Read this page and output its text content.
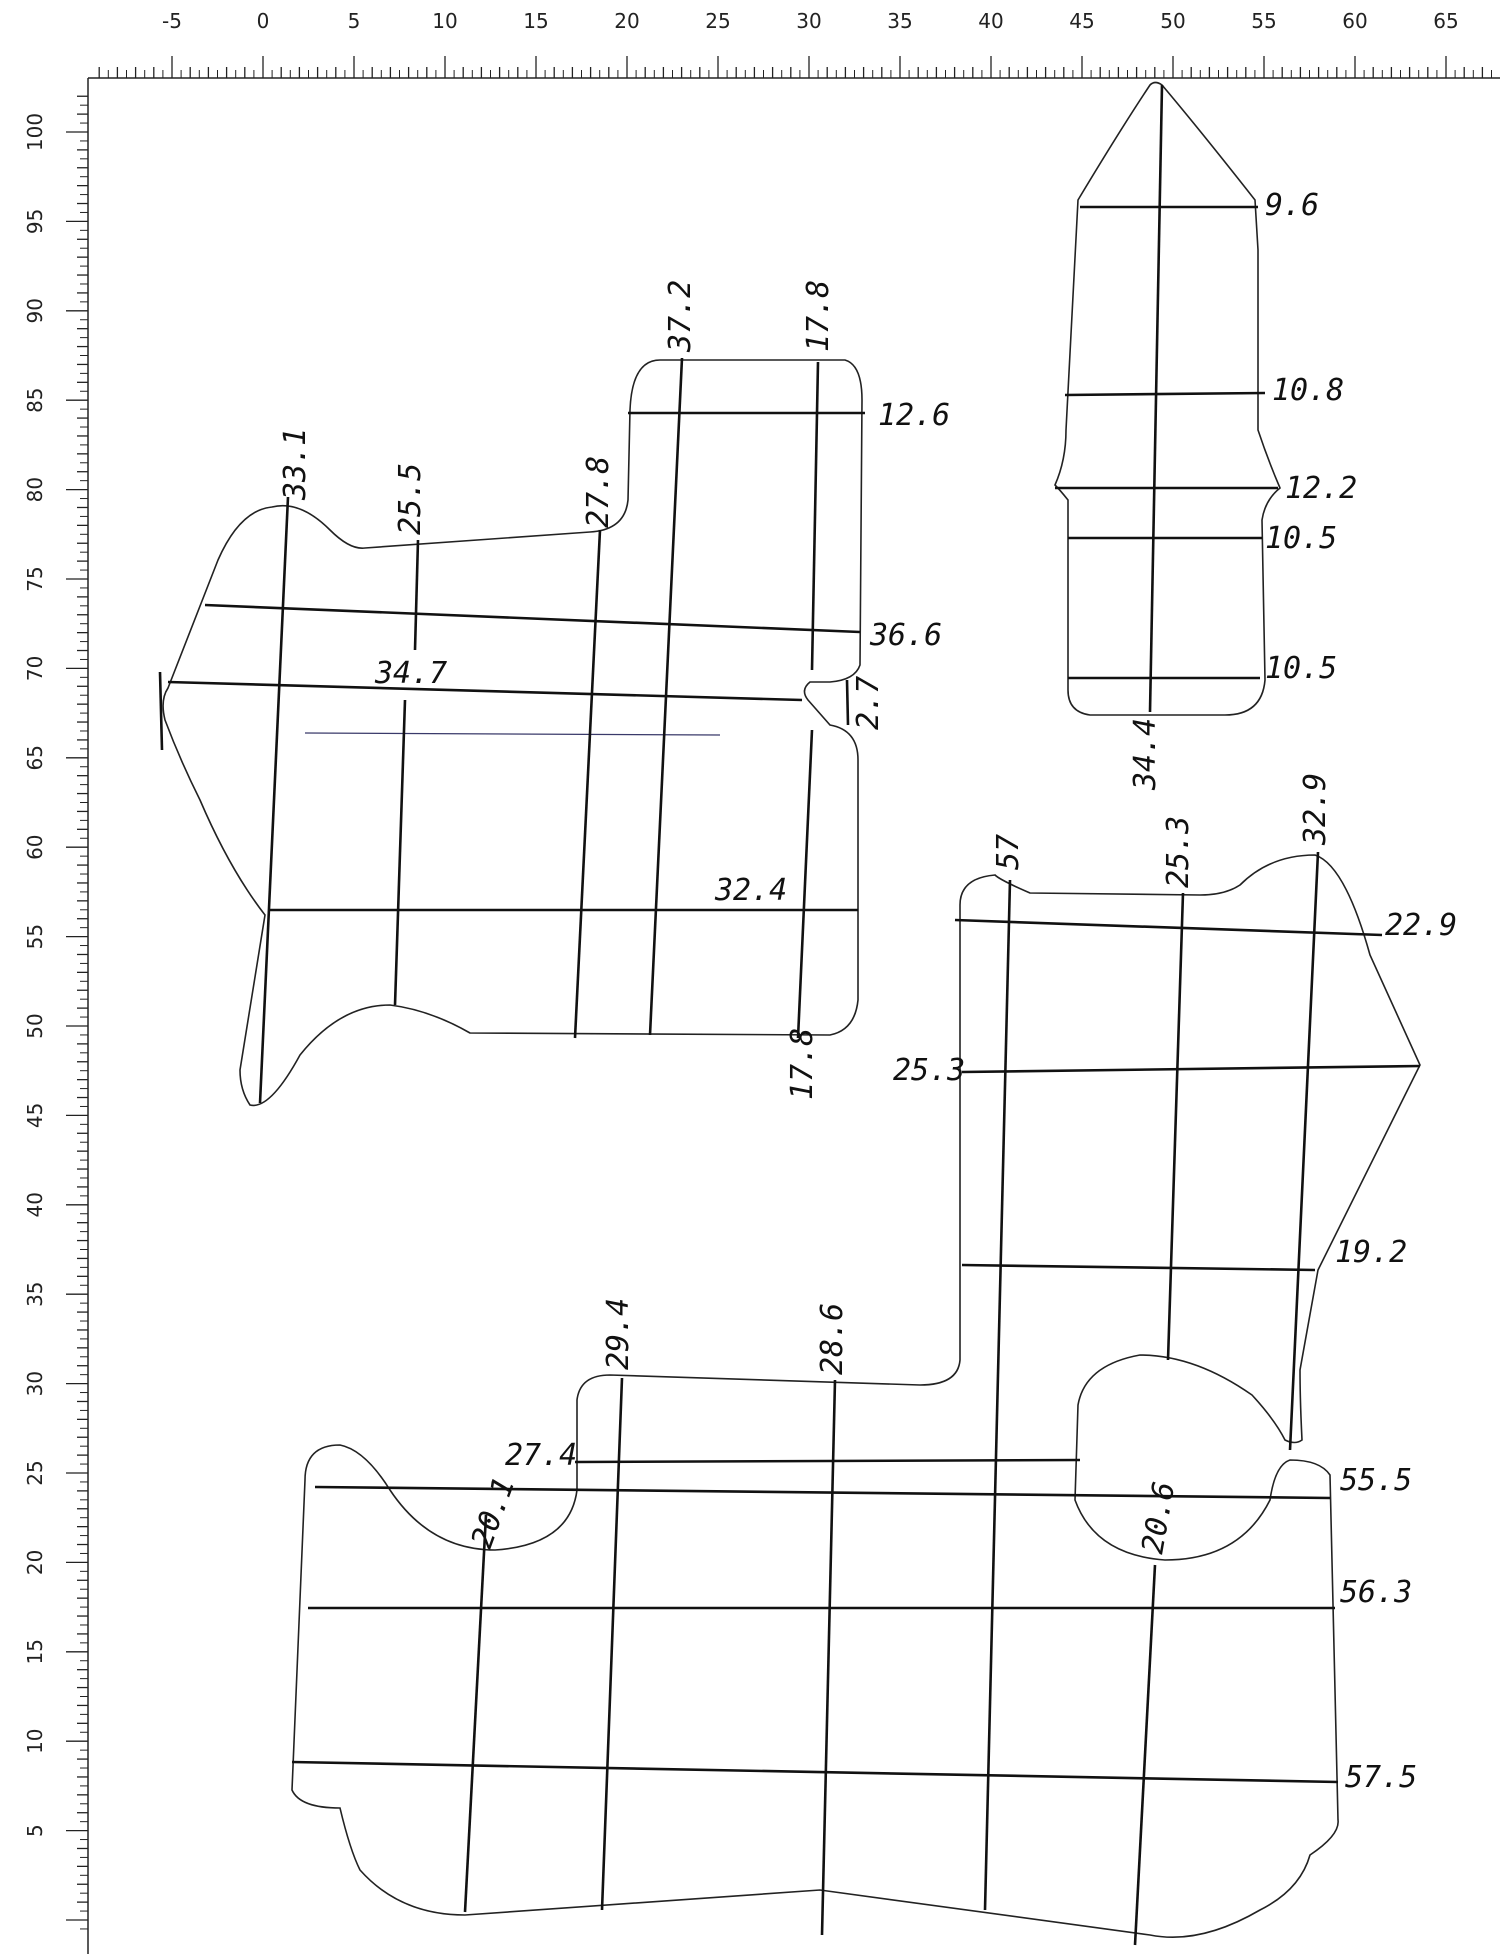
-5	0	5	10	15	20	25	30	35	40	45	50	55	60	65
100
95
90
85
80
75
70
65
60
55
50
45
40
35
30
25
20
15
10
5
33.1	25.5	27.8
37.2	17.8
12.6
36.6
34.7
2.7
32.4
17.8
9.6
10.8
12.2
10.5
10.5
34.4
57	25.3
32.9
22.9
25.3
19.2
29.4	28.6
27.4
55.5
20.1	20.6
56.3
57.5
